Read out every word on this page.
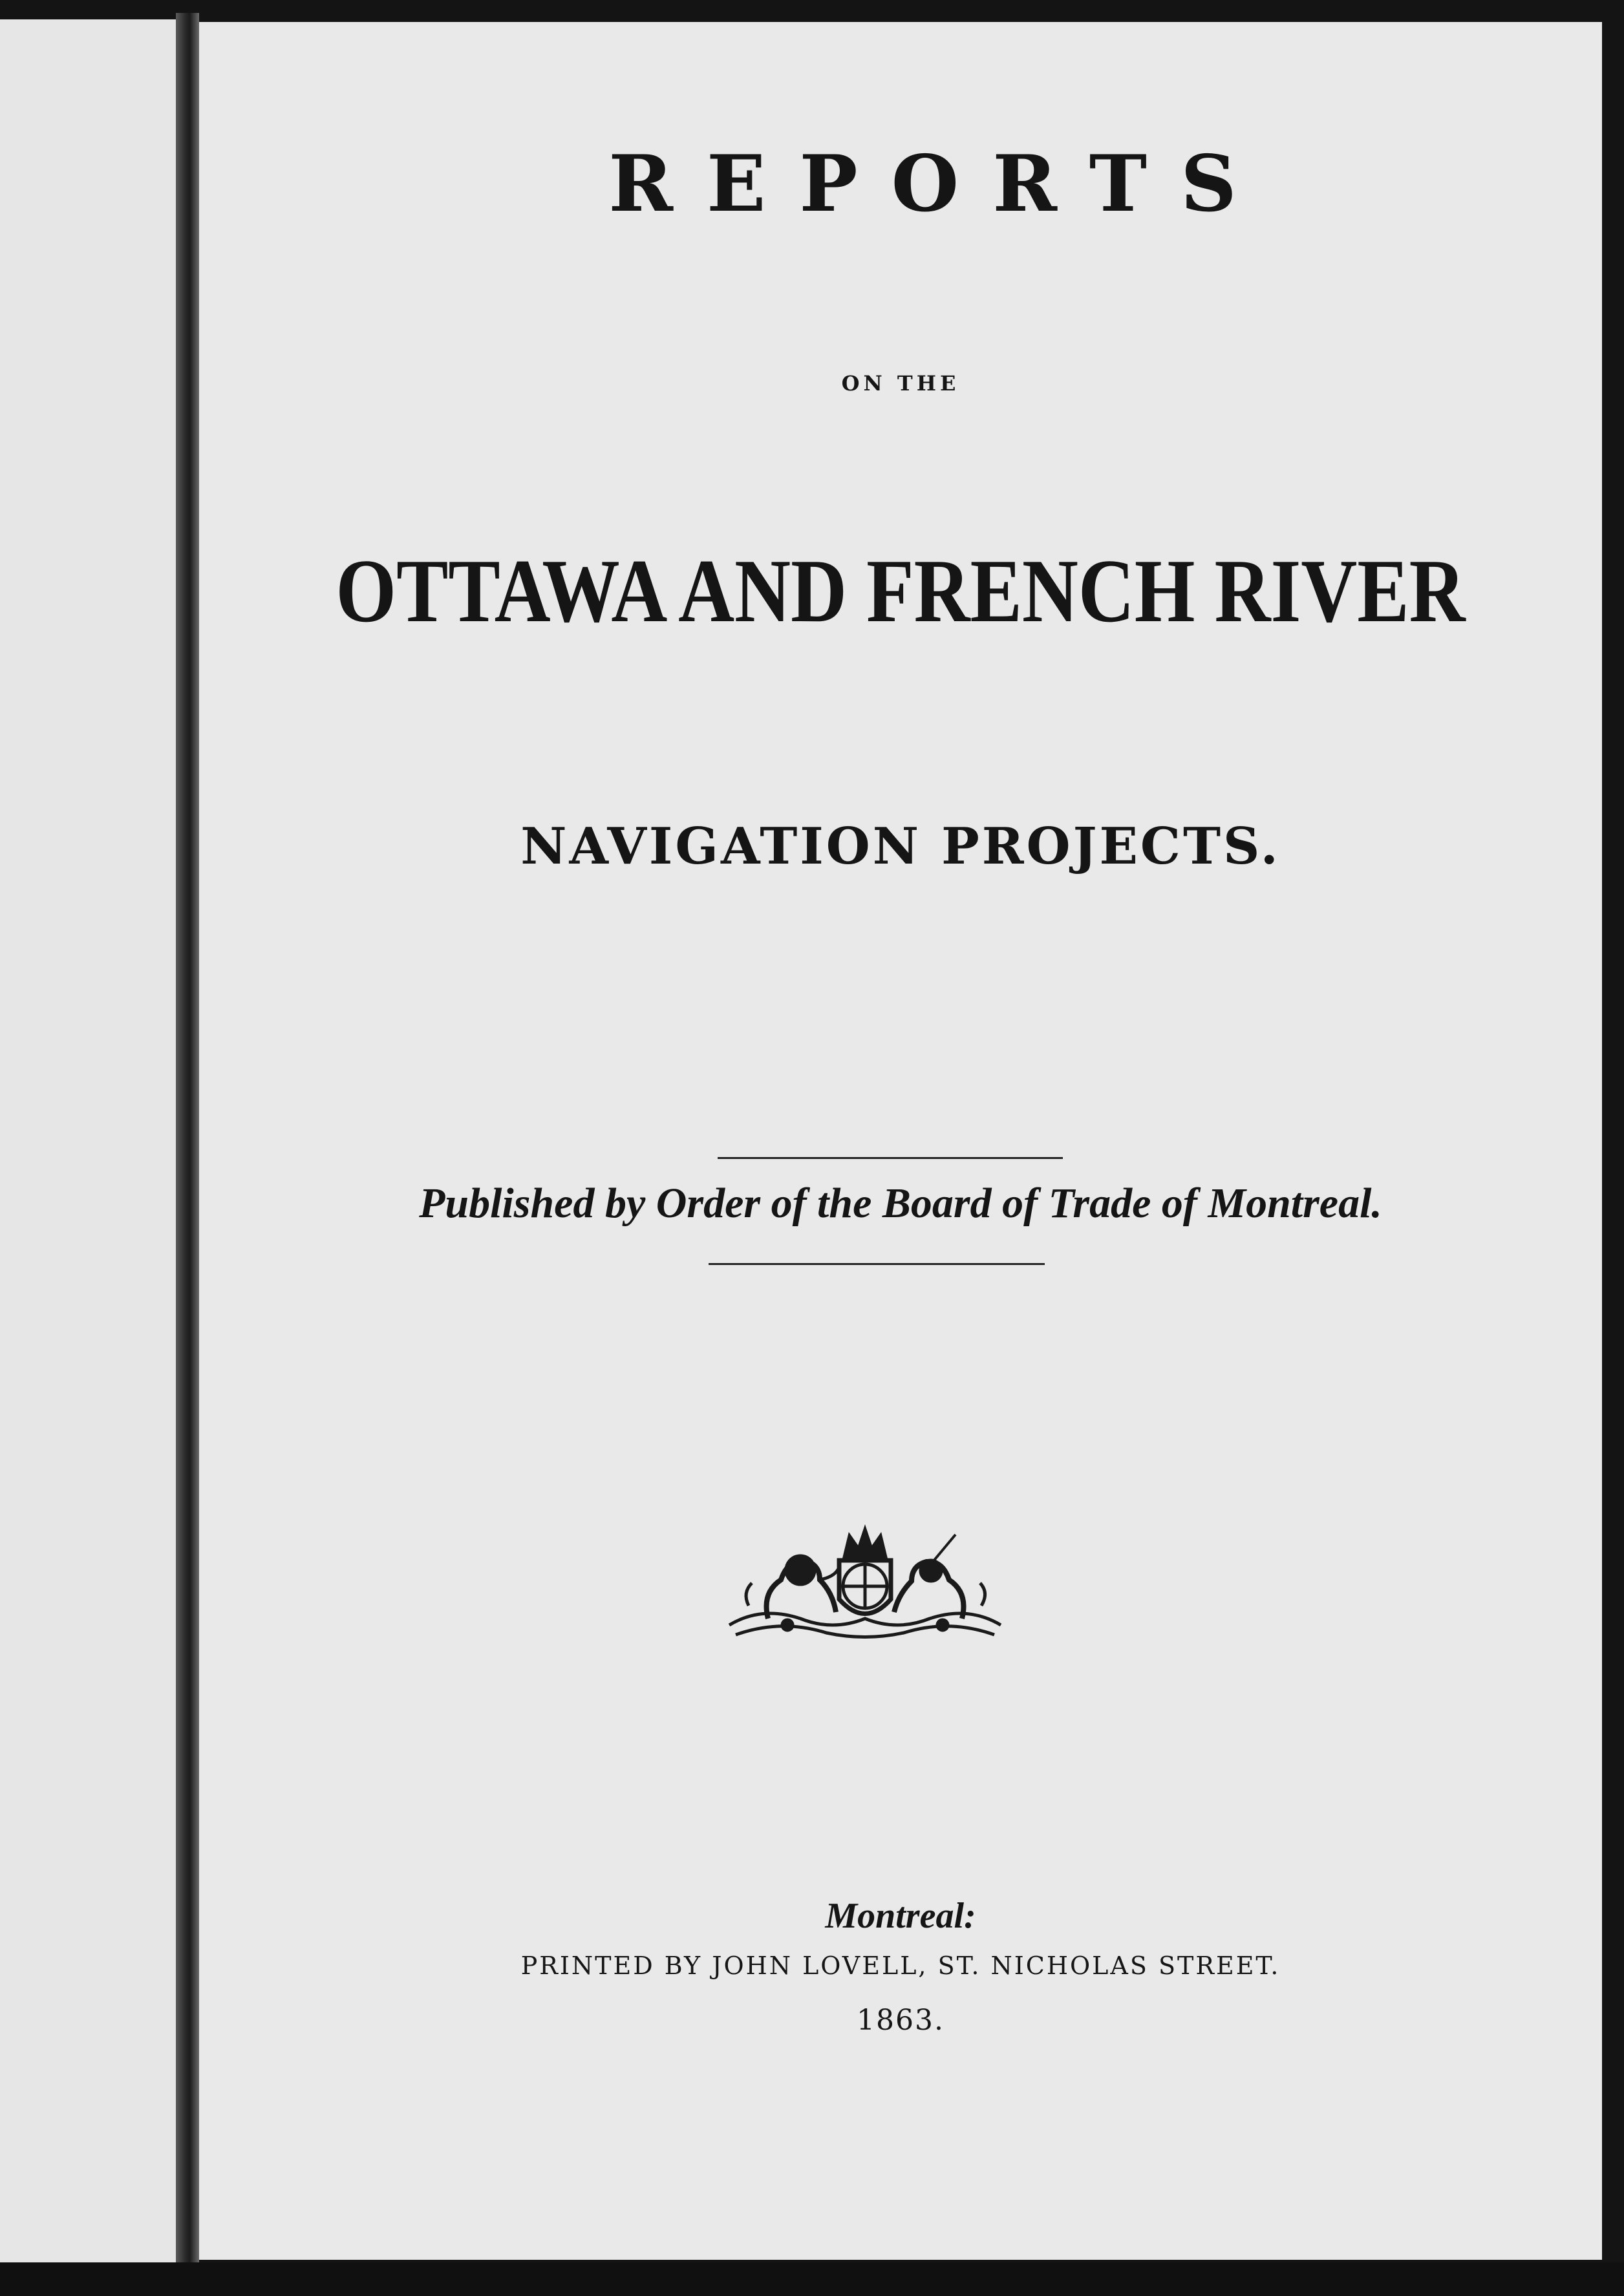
REPORTS
ON THE
OTTAWA AND FRENCH RIVER
NAVIGATION PROJECTS.
Published by Order of the Board of Trade of Montreal.
Montreal:
PRINTED BY JOHN LOVELL, ST. NICHOLAS STREET.
1863.
